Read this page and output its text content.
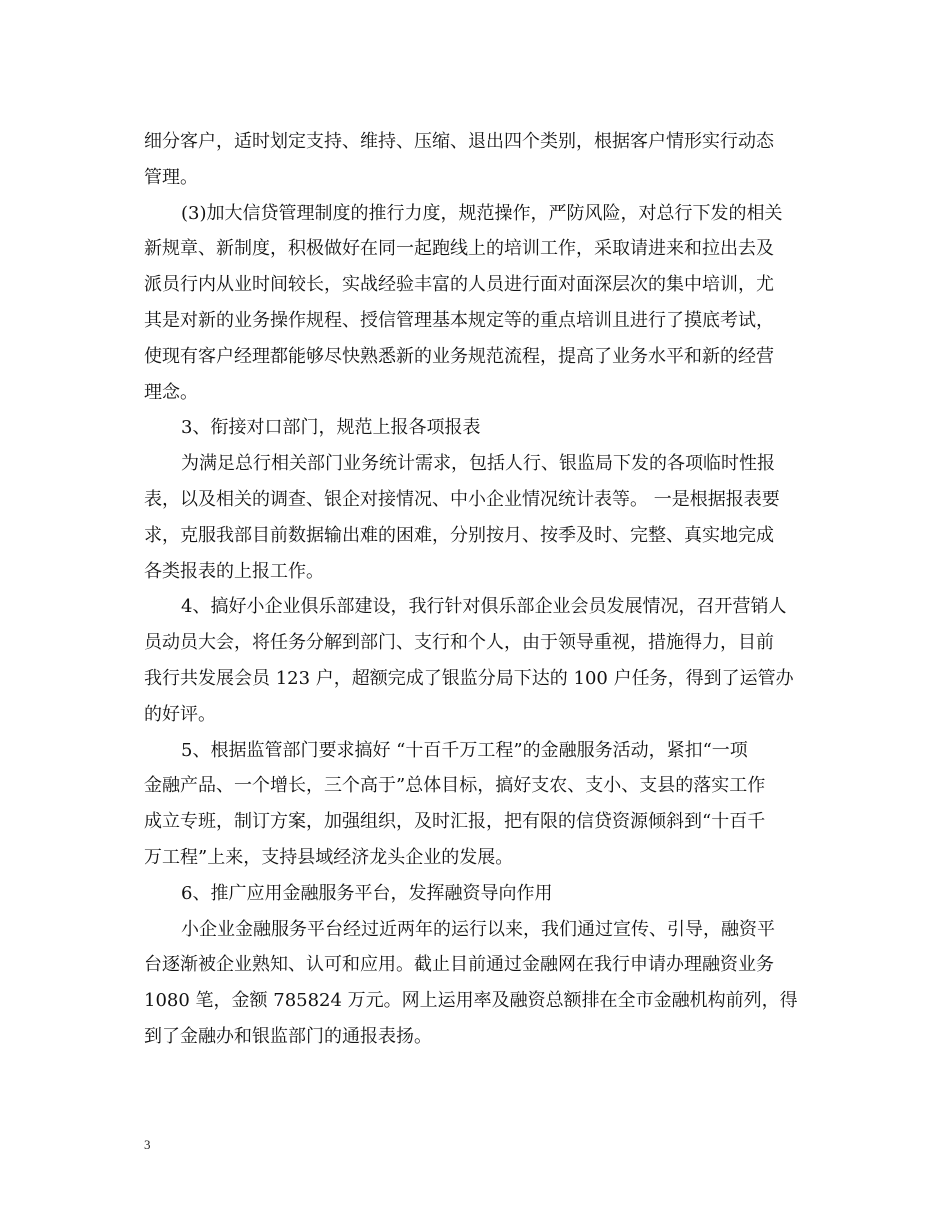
细分客户，适时划定支持、维持、压缩、退出四个类别，根据客户情形实行动态
管理。
(3)加大信贷管理制度的推行力度，规范操作，严防风险，对总行下发的相关
新规章、新制度，积极做好在同一起跑线上的培训工作，采取请进来和拉出去及
派员行内从业时间较长，实战经验丰富的人员进行面对面深层次的集中培训，尤
其是对新的业务操作规程、授信管理基本规定等的重点培训且进行了摸底考试，
使现有客户经理都能够尽快熟悉新的业务规范流程，提高了业务水平和新的经营
理念。
3、衔接对口部门，规范上报各项报表
为满足总行相关部门业务统计需求，包括人行、银监局下发的各项临时性报
表，以及相关的调查、银企对接情况、中小企业情况统计表等。 一是根据报表要
求，克服我部目前数据输出难的困难，分别按月、按季及时、完整、真实地完成
各类报表的上报工作。
4、搞好小企业俱乐部建设，我行针对俱乐部企业会员发展情况，召开营销人
员动员大会，将任务分解到部门、支行和个人，由于领导重视，措施得力，目前
我行共发展会员 123 户，超额完成了银监分局下达的 100 户任务，得到了运管办
的好评。
5、根据监管部门要求搞好 “十百千万工程”的金融服务活动，紧扣“一项
金融产品、一个增长，三个高于”总体目标，搞好支农、支小、支县的落实工作
成立专班，制订方案，加强组织，及时汇报，把有限的信贷资源倾斜到“十百千
万工程”上来，支持县域经济龙头企业的发展。
6、推广应用金融服务平台，发挥融资导向作用
小企业金融服务平台经过近两年的运行以来，我们通过宣传、引导，融资平
台逐渐被企业熟知、认可和应用。截止目前通过金融网在我行申请办理融资业务
1080 笔，金额 785824 万元。网上运用率及融资总额排在全市金融机构前列，得
到了金融办和银监部门的通报表扬。
3
